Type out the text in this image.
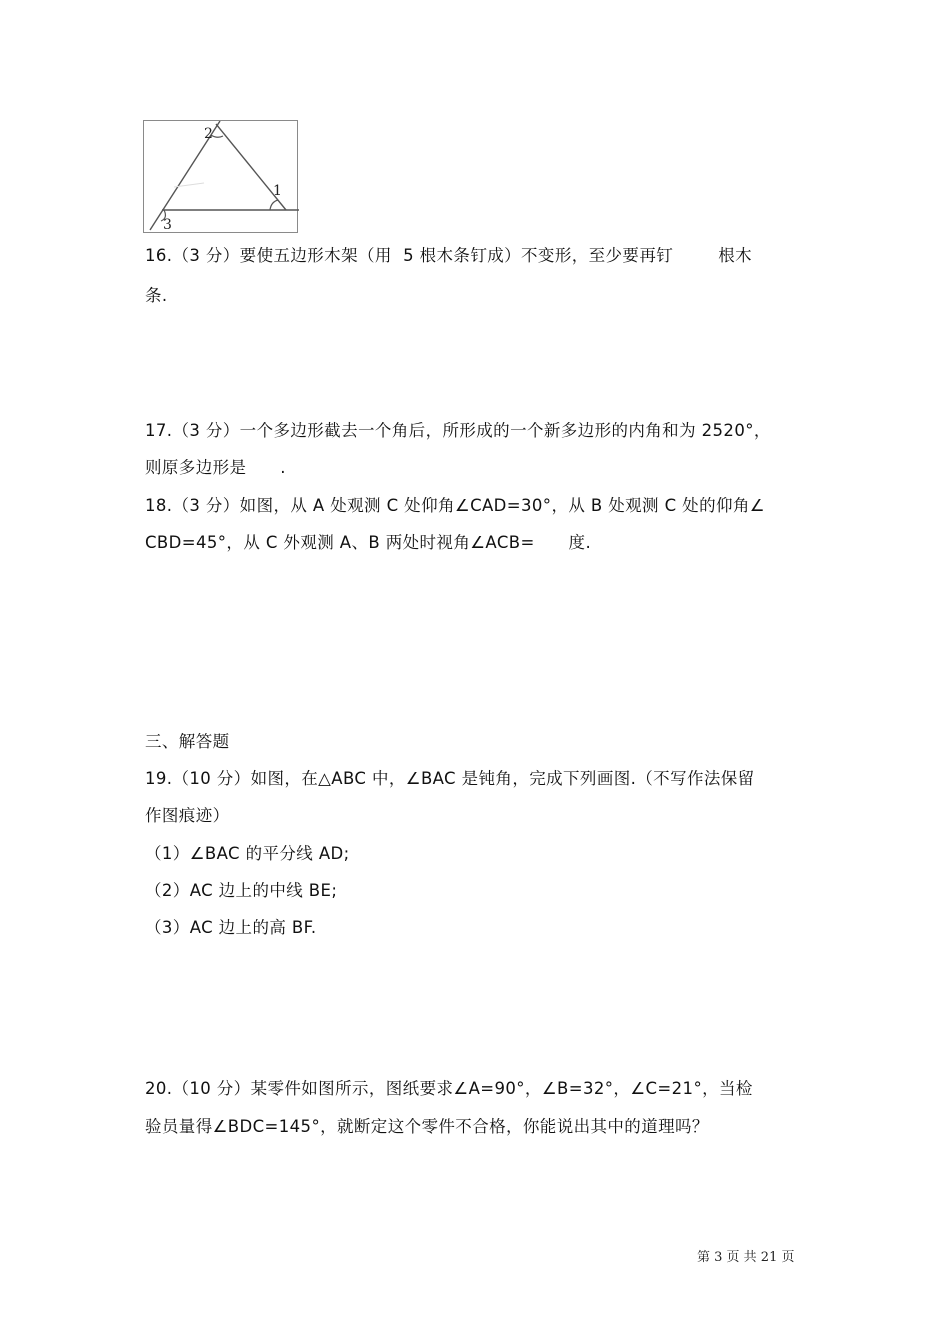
2
1
3
16.（3 分）要使五边形木架（用  5 根木条钉成）不变形，至少要再钉        根木
条.
17.（3 分）一个多边形截去一个角后，所形成的一个新多边形的内角和为 2520°，
则原多边形是      .
18.（3 分）如图，从 A 处观测 C 处仰角∠CAD=30°，从 B 处观测 C 处的仰角∠
CBD=45°，从 C 外观测 A、B 两处时视角∠ACB=      度.
三、解答题
19.（10 分）如图，在△ABC 中，∠BAC 是钝角，完成下列画图.（不写作法保留
作图痕迹）
（1）∠BAC 的平分线 AD;
（2）AC 边上的中线 BE;
（3）AC 边上的高 BF.
20.（10 分）某零件如图所示，图纸要求∠A=90°，∠B=32°，∠C=21°，当检
验员量得∠BDC=145°，就断定这个零件不合格，你能说出其中的道理吗？
第 3 页 共 21 页
